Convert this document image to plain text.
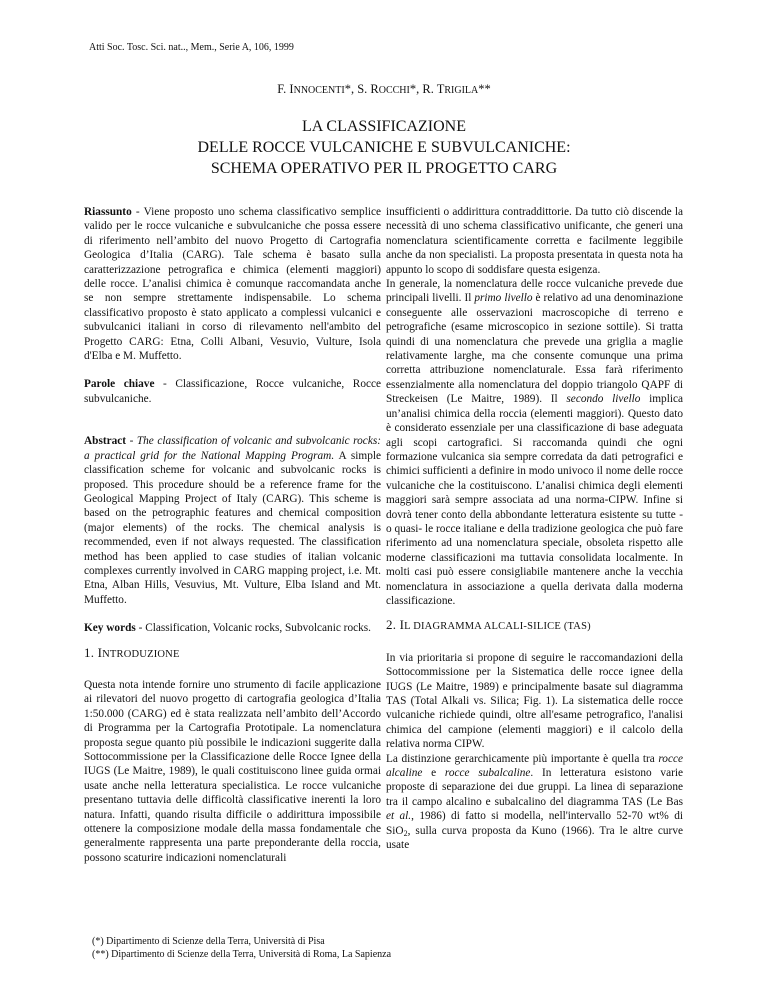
Atti Soc. Tosc. Sci. nat.., Mem., Serie A, 106, 1999
F. INNOCENTI*, S. ROCCHI*, R. TRIGILA**
LA CLASSIFICAZIONE
DELLE ROCCE VULCANICHE E SUBVULCANICHE:
SCHEMA OPERATIVO PER IL PROGETTO CARG

Riassunto - Viene proposto uno schema classificativo semplice valido per le rocce vulcaniche e subvulcaniche che possa essere di riferimento nell’ambito del nuovo Progetto di Cartografia Geologica d’Italia (CARG). Tale schema è basato sulla caratterizzazione petrografica e chimica (elementi maggiori) delle rocce. L’analisi chimica è comunque raccomandata anche se non sempre strettamente indispensabile. Lo schema classificativo proposto è stato applicato a complessi vulcanici e subvulcanici italiani in corso di rilevamento nell'ambito del Progetto CARG: Etna, Colli Albani, Vesuvio, Vulture, Isola d'Elba e M. Muffetto.

Parole chiave - Classificazione, Rocce vulcaniche, Rocce subvulcaniche.

Abstract - The classification of volcanic and subvolcanic rocks: a practical grid for the National Mapping Program. A simple classification scheme for volcanic and subvolcanic rocks is proposed. This procedure should be a reference frame for the Geological Mapping Project of Italy (CARG). This scheme is based on the petrographic features and chemical composition (major elements) of the rocks. The chemical analysis is recommended, even if not always requested. The classification method has been applied to case studies of italian volcanic complexes currently involved in CARG mapping project, i.e. Mt. Etna, Alban Hills, Vesuvius, Mt. Vulture, Elba Island and Mt. Muffetto.

Key words - Classification, Volcanic rocks, Subvolcanic rocks.

1. INTRODUZIONE

Questa nota intende fornire uno strumento di facile applicazione ai rilevatori del nuovo progetto di cartografia geologica d’Italia 1:50.000 (CARG) ed è stata realizzata nell’ambito dell’Accordo di Programma per la Cartografia Prototipale. La nomenclatura proposta segue quanto più possibile le indicazioni suggerite dalla Sottocommissione per la Classificazione delle Rocce Ignee della IUGS (Le Maitre, 1989), le quali costituiscono linee guida ormai usate anche nella letteratura specialistica. Le rocce vulcaniche presentano tuttavia delle difficoltà classificative inerenti la loro natura. Infatti, quando risulta difficile o addirittura impossibile ottenere la composizione modale della massa fondamentale che generalmente rappresenta una parte preponderante della roccia, possono scaturire indicazioni nomenclaturali

insufficienti o addirittura contraddittorie. Da tutto ciò discende la necessità di uno schema classificativo unificante, che generi una nomenclatura scientificamente corretta e facilmente leggibile anche da non specialisti. La proposta presentata in questa nota ha appunto lo scopo di soddisfare questa esigenza.

In generale, la nomenclatura delle rocce vulcaniche prevede due principali livelli. Il primo livello è relativo ad una denominazione conseguente alle osservazioni macroscopiche di terreno e petrografiche (esame microscopico in sezione sottile). Si tratta quindi di una nomenclatura che prevede una griglia a maglie relativamente larghe, ma che consente comunque una prima corretta attribuzione nomenclaturale. Essa farà riferimento essenzialmente alla nomenclatura del doppio triangolo QAPF di Streckeisen (Le Maitre, 1989). Il secondo livello implica un’analisi chimica della roccia (elementi maggiori). Questo dato è considerato essenziale per una classificazione di base adeguata agli scopi cartografici. Si raccomanda quindi che ogni formazione vulcanica sia sempre corredata da dati petrografici e chimici sufficienti a definire in modo univoco il nome delle rocce vulcaniche che la costituiscono. L’analisi chimica degli elementi maggiori sarà sempre associata ad una norma-CIPW. Infine si dovrà tener conto della abbondante letteratura esistente su tutte -o quasi- le rocce italiane e della tradizione geologica che può fare riferimento ad una nomenclatura speciale, obsoleta rispetto alle moderne classificazioni ma tuttavia consolidata localmente. In molti casi può essere consigliabile mantenere anche la vecchia nomenclatura in associazione a quella derivata dalla moderna classificazione.

2. IL DIAGRAMMA ALCALI-SILICE (TAS)

In via prioritaria si propone di seguire le raccomandazioni della Sottocommissione per la Sistematica delle rocce ignee della IUGS (Le Maitre, 1989) e principalmente basate sul diagramma TAS (Total Alkali vs. Silica; Fig. 1). La sistematica delle rocce vulcaniche richiede quindi, oltre all'esame petrografico, l'analisi chimica del campione (elementi maggiori) e il calcolo della relativa norma CIPW.

La distinzione gerarchicamente più importante è quella tra rocce alcaline e rocce subalcaline. In letteratura esistono varie proposte di separazione dei due gruppi. La linea di separazione tra il campo alcalino e subalcalino del diagramma TAS (Le Bas et al., 1986) di fatto si modella, nell'intervallo 52-70 wt% di SiO$_2$, sulla curva proposta da Kuno (1966). Tra le altre curve usate

(*) Dipartimento di Scienze della Terra, Università di Pisa
(**) Dipartimento di Scienze della Terra, Università di Roma, La Sapienza
